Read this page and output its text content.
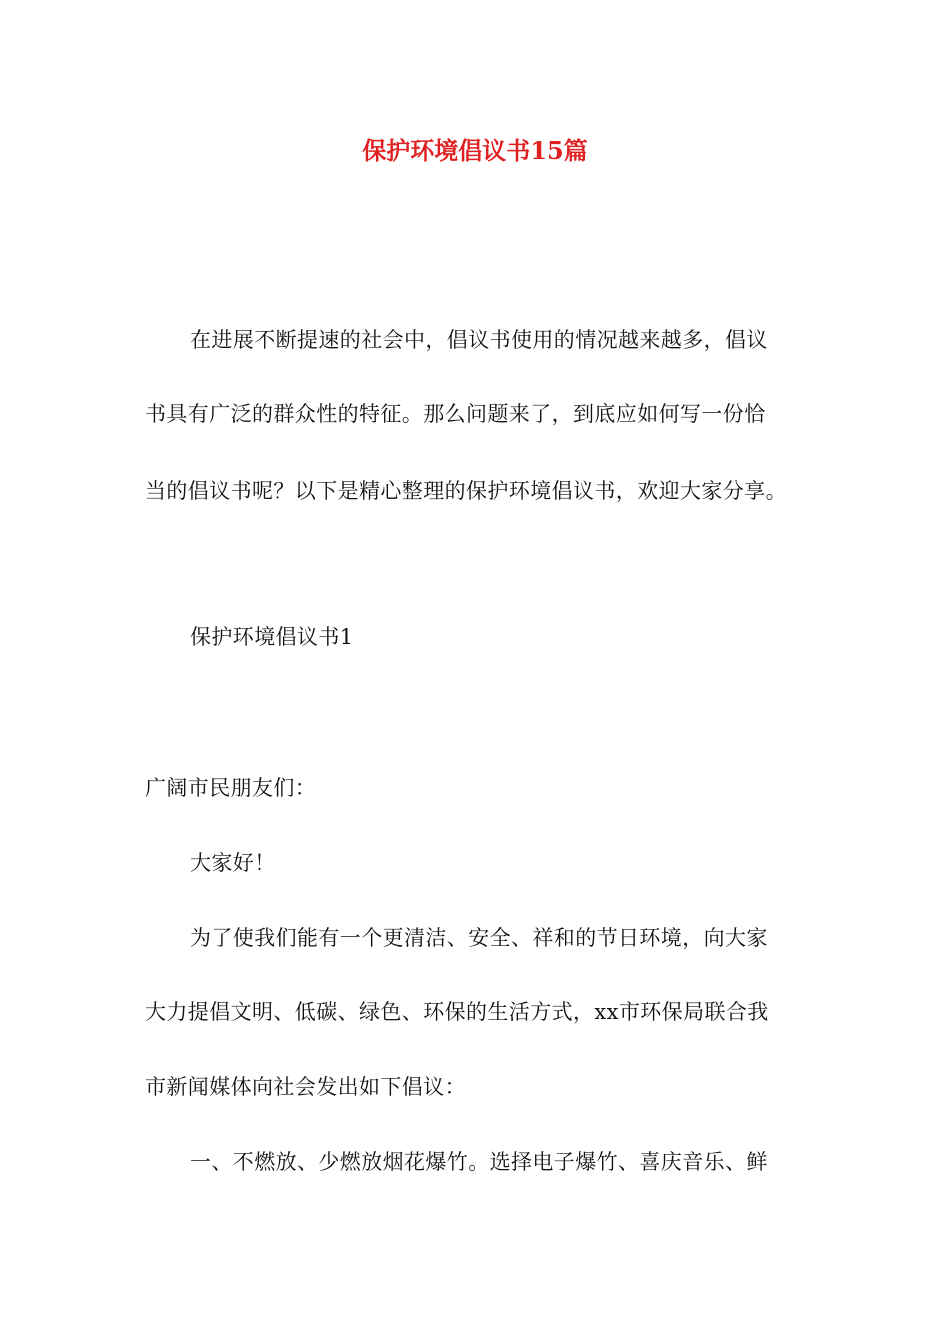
保护环境倡议书15篇
在进展不断提速的社会中，倡议书使用的情况越来越多，倡议
书具有广泛的群众性的特征。那么问题来了，到底应如何写一份恰
当的倡议书呢？以下是精心整理的保护环境倡议书，欢迎大家分享。
保护环境倡议书1
广阔市民朋友们：
大家好！
为了使我们能有一个更清洁、安全、祥和的节日环境，向大家
大力提倡文明、低碳、绿色、环保的生活方式，xx市环保局联合我
市新闻媒体向社会发出如下倡议：
一、不燃放、少燃放烟花爆竹。选择电子爆竹、喜庆音乐、鲜
